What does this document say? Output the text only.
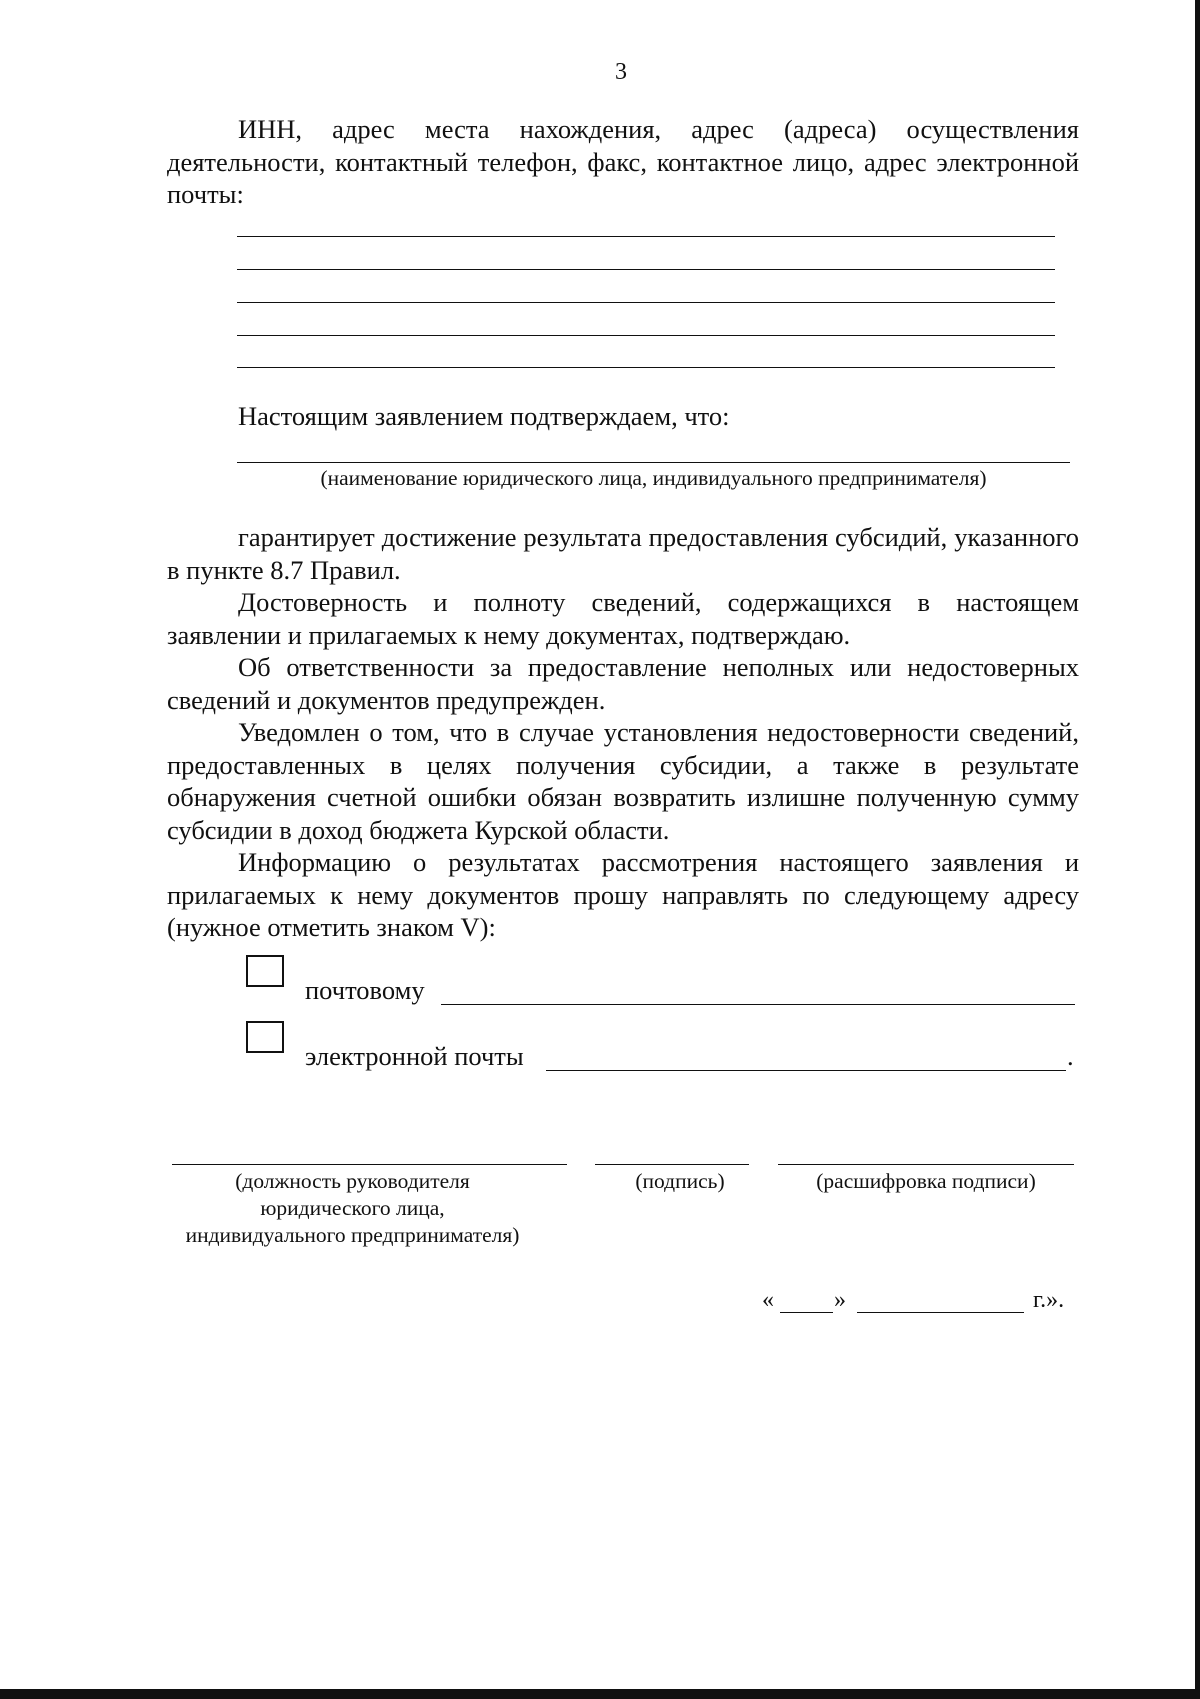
3

ИНН, адрес места нахождения, адрес (адреса) осуществления деятельности, контактный телефон, факс, контактное лицо, адрес электронной почты:

Настоящим заявлением подтверждаем, что:
(наименование юридического лица, индивидуального предпринимателя)

гарантирует достижение результата предоставления субсидий, указанного в пункте 8.7 Правил.

Достоверность и полноту сведений, содержащихся в настоящем заявлении и прилагаемых к нему документах, подтверждаю.

Об ответственности за предоставление неполных или недостоверных сведений и документов предупрежден.

Уведомлен о том, что в случае установления недостоверности сведений, предоставленных в целях получения субсидии, а также в результате обнаружения счетной ошибки обязан возвратить излишне полученную сумму субсидии в доход бюджета Курской области.

Информацию о результатах рассмотрения настоящего заявления и прилагаемых к нему документов прошу направлять по следующему адресу (нужное отметить знаком V):

почтовому
электронной почты	.
(должность руководителя
юридического лица,
индивидуального предпринимателя)
(подпись)	(расшифровка подписи)
«	»	г.».
